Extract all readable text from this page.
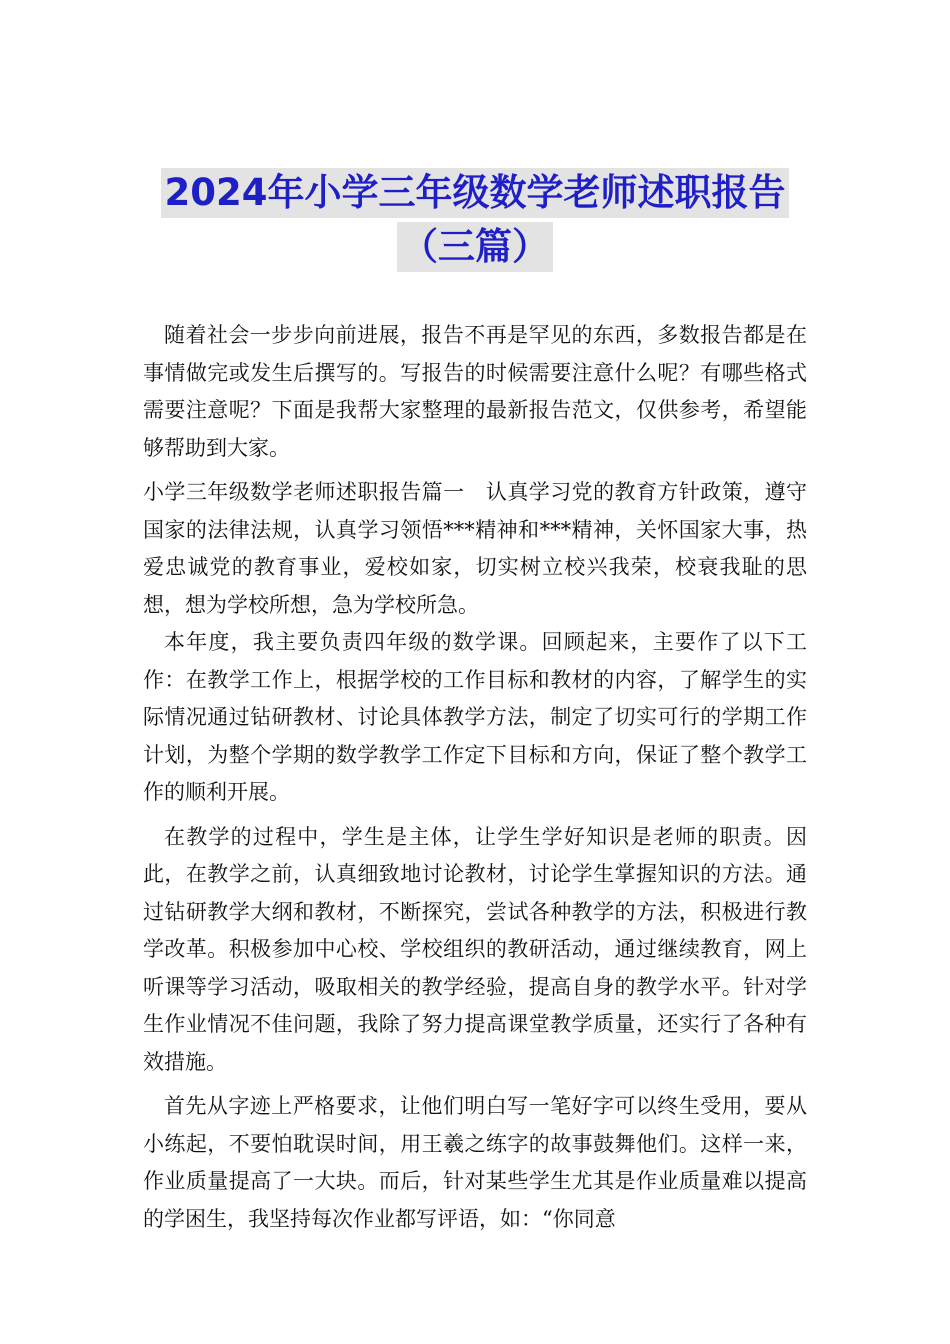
2024年小学三年级数学老师述职报告
（三篇）

随着社会一步步向前进展，报告不再是罕见的东西，多数报告都是在事情做完或发生后撰写的。写报告的时候需要注意什么呢？有哪些格式需要注意呢？下面是我帮大家整理的最新报告范文，仅供参考，希望能够帮助到大家。

小学三年级数学老师述职报告篇一　认真学习党的教育方针政策，遵守国家的法律法规，认真学习领悟***精神和***精神，关怀国家大事，热爱忠诚党的教育事业，爱校如家，切实树立校兴我荣，校衰我耻的思想，想为学校所想，急为学校所急。

本年度，我主要负责四年级的数学课。回顾起来，主要作了以下工作：在教学工作上，根据学校的工作目标和教材的内容，了解学生的实际情况通过钻研教材、讨论具体教学方法，制定了切实可行的学期工作计划，为整个学期的数学教学工作定下目标和方向，保证了整个教学工作的顺利开展。

在教学的过程中，学生是主体，让学生学好知识是老师的职责。因此，在教学之前，认真细致地讨论教材，讨论学生掌握知识的方法。通过钻研教学大纲和教材，不断探究，尝试各种教学的方法，积极进行教学改革。积极参加中心校、学校组织的教研活动，通过继续教育，网上听课等学习活动，吸取相关的教学经验，提高自身的教学水平。针对学生作业情况不佳问题，我除了努力提高课堂教学质量，还实行了各种有效措施。

首先从字迹上严格要求，让他们明白写一笔好字可以终生受用，要从小练起，不要怕耽误时间，用王羲之练字的故事鼓舞他们。这样一来，作业质量提高了一大块。而后，针对某些学生尤其是作业质量难以提高的学困生，我坚持每次作业都写评语，如：“你同意
